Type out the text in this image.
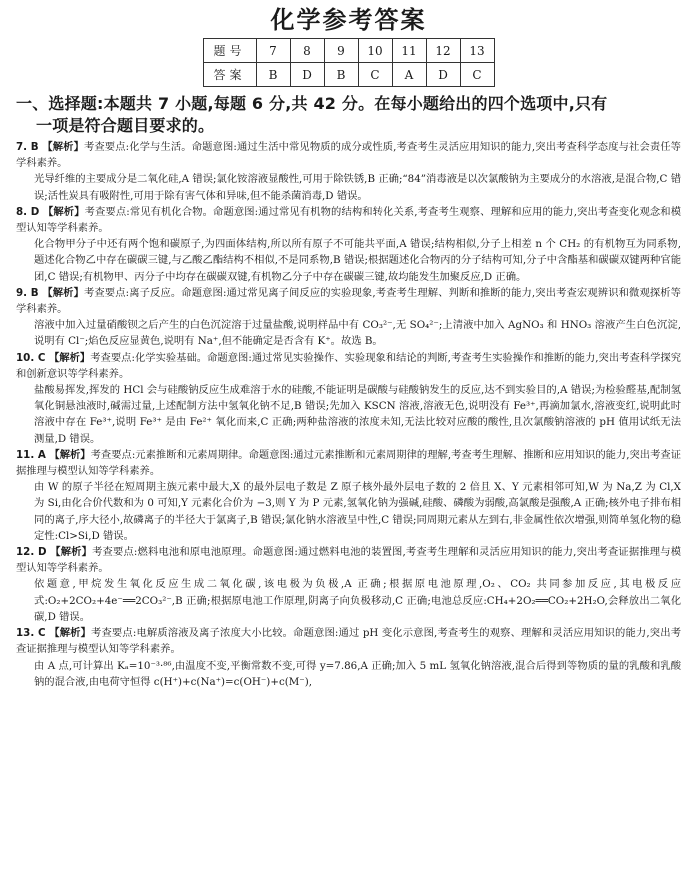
化学参考答案
题号	7	8	9	10	11	12	13
答案	B	D	B	C	A	D	C
一、选择题:本题共 7 小题,每题 6 分,共 42 分。在每小题给出的四个选项中,只有
一项是符合题目要求的。

7. B 【解析】考查要点:化学与生活。命题意图:通过生活中常见物质的成分或性质,考查考生灵活应用知识的能力,突出考查科学态度与社会责任等学科素养。

光导纤维的主要成分是二氧化硅,A 错误;氯化铵溶液显酸性,可用于除铁锈,B 正确;“84”消毒液是以次氯酸钠为主要成分的水溶液,是混合物,C 错误;活性炭具有吸附性,可用于除有害气体和异味,但不能杀菌消毒,D 错误。

8. D 【解析】考查要点:常见有机化合物。命题意图:通过常见有机物的结构和转化关系,考查考生观察、理解和应用的能力,突出考查变化观念和模型认知等学科素养。

化合物甲分子中还有两个饱和碳原子,为四面体结构,所以所有原子不可能共平面,A 错误;结构相似,分子上相差 n 个 CH₂ 的有机物互为同系物,题述化合物乙中存在碳碳三键,与乙酸乙酯结构不相似,不是同系物,B 错误;根据题述化合物丙的分子结构可知,分子中含酯基和碳碳双键两种官能团,C 错误;有机物甲、丙分子中均存在碳碳双键,有机物乙分子中存在碳碳三键,故均能发生加聚反应,D 正确。

9. B 【解析】考查要点:离子反应。命题意图:通过常见离子间反应的实验现象,考查考生理解、判断和推断的能力,突出考查宏观辨识和微观探析等学科素养。

溶液中加入过量硝酸钡之后产生的白色沉淀溶于过量盐酸,说明样品中有 CO₃²⁻,无 SO₄²⁻;上清液中加入 AgNO₃ 和 HNO₃ 溶液产生白色沉淀,说明有 Cl⁻;焰色反应显黄色,说明有 Na⁺,但不能确定是否含有 K⁺。故选 B。

10. C 【解析】考查要点:化学实验基础。命题意图:通过常见实验操作、实验现象和结论的判断,考查考生实验操作和推断的能力,突出考查科学探究和创新意识等学科素养。

盐酸易挥发,挥发的 HCl 会与硅酸钠反应生成难溶于水的硅酸,不能证明是碳酸与硅酸钠发生的反应,达不到实验目的,A 错误;为检验醛基,配制氢氧化铜悬浊液时,碱需过量,上述配制方法中氢氧化钠不足,B 错误;先加入 KSCN 溶液,溶液无色,说明没有 Fe³⁺,再滴加氯水,溶液变红,说明此时溶液中存在 Fe³⁺,说明 Fe³⁺ 是由 Fe²⁺ 氧化而来,C 正确;两种盐溶液的浓度未知,无法比较对应酸的酸性,且次氯酸钠溶液的 pH 值用试纸无法测量,D 错误。

11. A 【解析】考查要点:元素推断和元素周期律。命题意图:通过元素推断和元素周期律的理解,考查考生理解、推断和应用知识的能力,突出考查证据推理与模型认知等学科素养。

由 W 的原子半径在短周期主族元素中最大,X 的最外层电子数是 Z 原子核外最外层电子数的 2 倍且 X、Y 元素相邻可知,W 为 Na,Z 为 Cl,X 为 Si,由化合价代数和为 0 可知,Y 元素化合价为 −3,则 Y 为 P 元素,氢氧化钠为强碱,硅酸、磷酸为弱酸,高氯酸是强酸,A 正确;核外电子排布相同的离子,序大径小,故磷离子的半径大于氯离子,B 错误;氯化钠水溶液呈中性,C 错误;同周期元素从左到右,非金属性依次增强,则简单氢化物的稳定性:Cl>Si,D 错误。

12. D 【解析】考查要点:燃料电池和原电池原理。命题意图:通过燃料电池的装置图,考查考生理解和灵活应用知识的能力,突出考查证据推理与模型认知等学科素养。

依题意,甲烷发生氧化反应生成二氧化碳,该电极为负极,A 正确;根据原电池原理,O₂、CO₂ 共同参加反应,其电极反应式:O₂+2CO₂+4e⁻══2CO₃²⁻,B 正确;根据原电池工作原理,阴离子向负极移动,C 正确;电池总反应:CH₄+2O₂══CO₂+2H₂O,会释放出二氧化碳,D 错误。

13. C 【解析】考查要点:电解质溶液及离子浓度大小比较。命题意图:通过 pH 变化示意图,考查考生的观察、理解和灵活应用知识的能力,突出考查证据推理与模型认知等学科素养。

由 A 点,可计算出 Kₐ=10⁻³·⁸⁶,由温度不变,平衡常数不变,可得 y=7.86,A 正确;加入 5 mL 氢氧化钠溶液,混合后得到等物质的量的乳酸和乳酸钠的混合液,由电荷守恒得 c(H⁺)+c(Na⁺)=c(OH⁻)+c(M⁻),
